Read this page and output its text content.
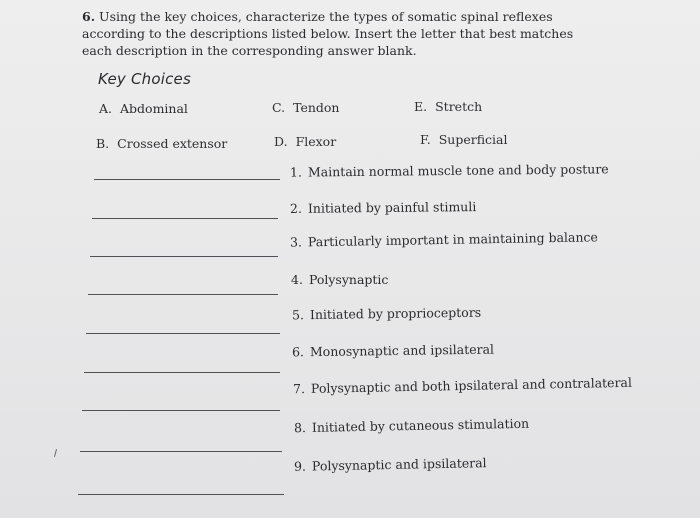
6. Using the key choices, characterize the types of somatic spinal reflexes according to the descriptions listed below. Insert the letter that best matches each description in the corresponding answer blank.
Key Choices
A. Abdominal	C. Tendon	E. Stretch
B. Crossed extensor	D. Flexor	F. Superficial
1. Maintain normal muscle tone and body posture
2. Initiated by painful stimuli
3. Particularly important in maintaining balance
4. Polysynaptic
5. Initiated by proprioceptors
6. Monosynaptic and ipsilateral
7. Polysynaptic and both ipsilateral and contralateral
8. Initiated by cutaneous stimulation
9. Polysynaptic and ipsilateral
